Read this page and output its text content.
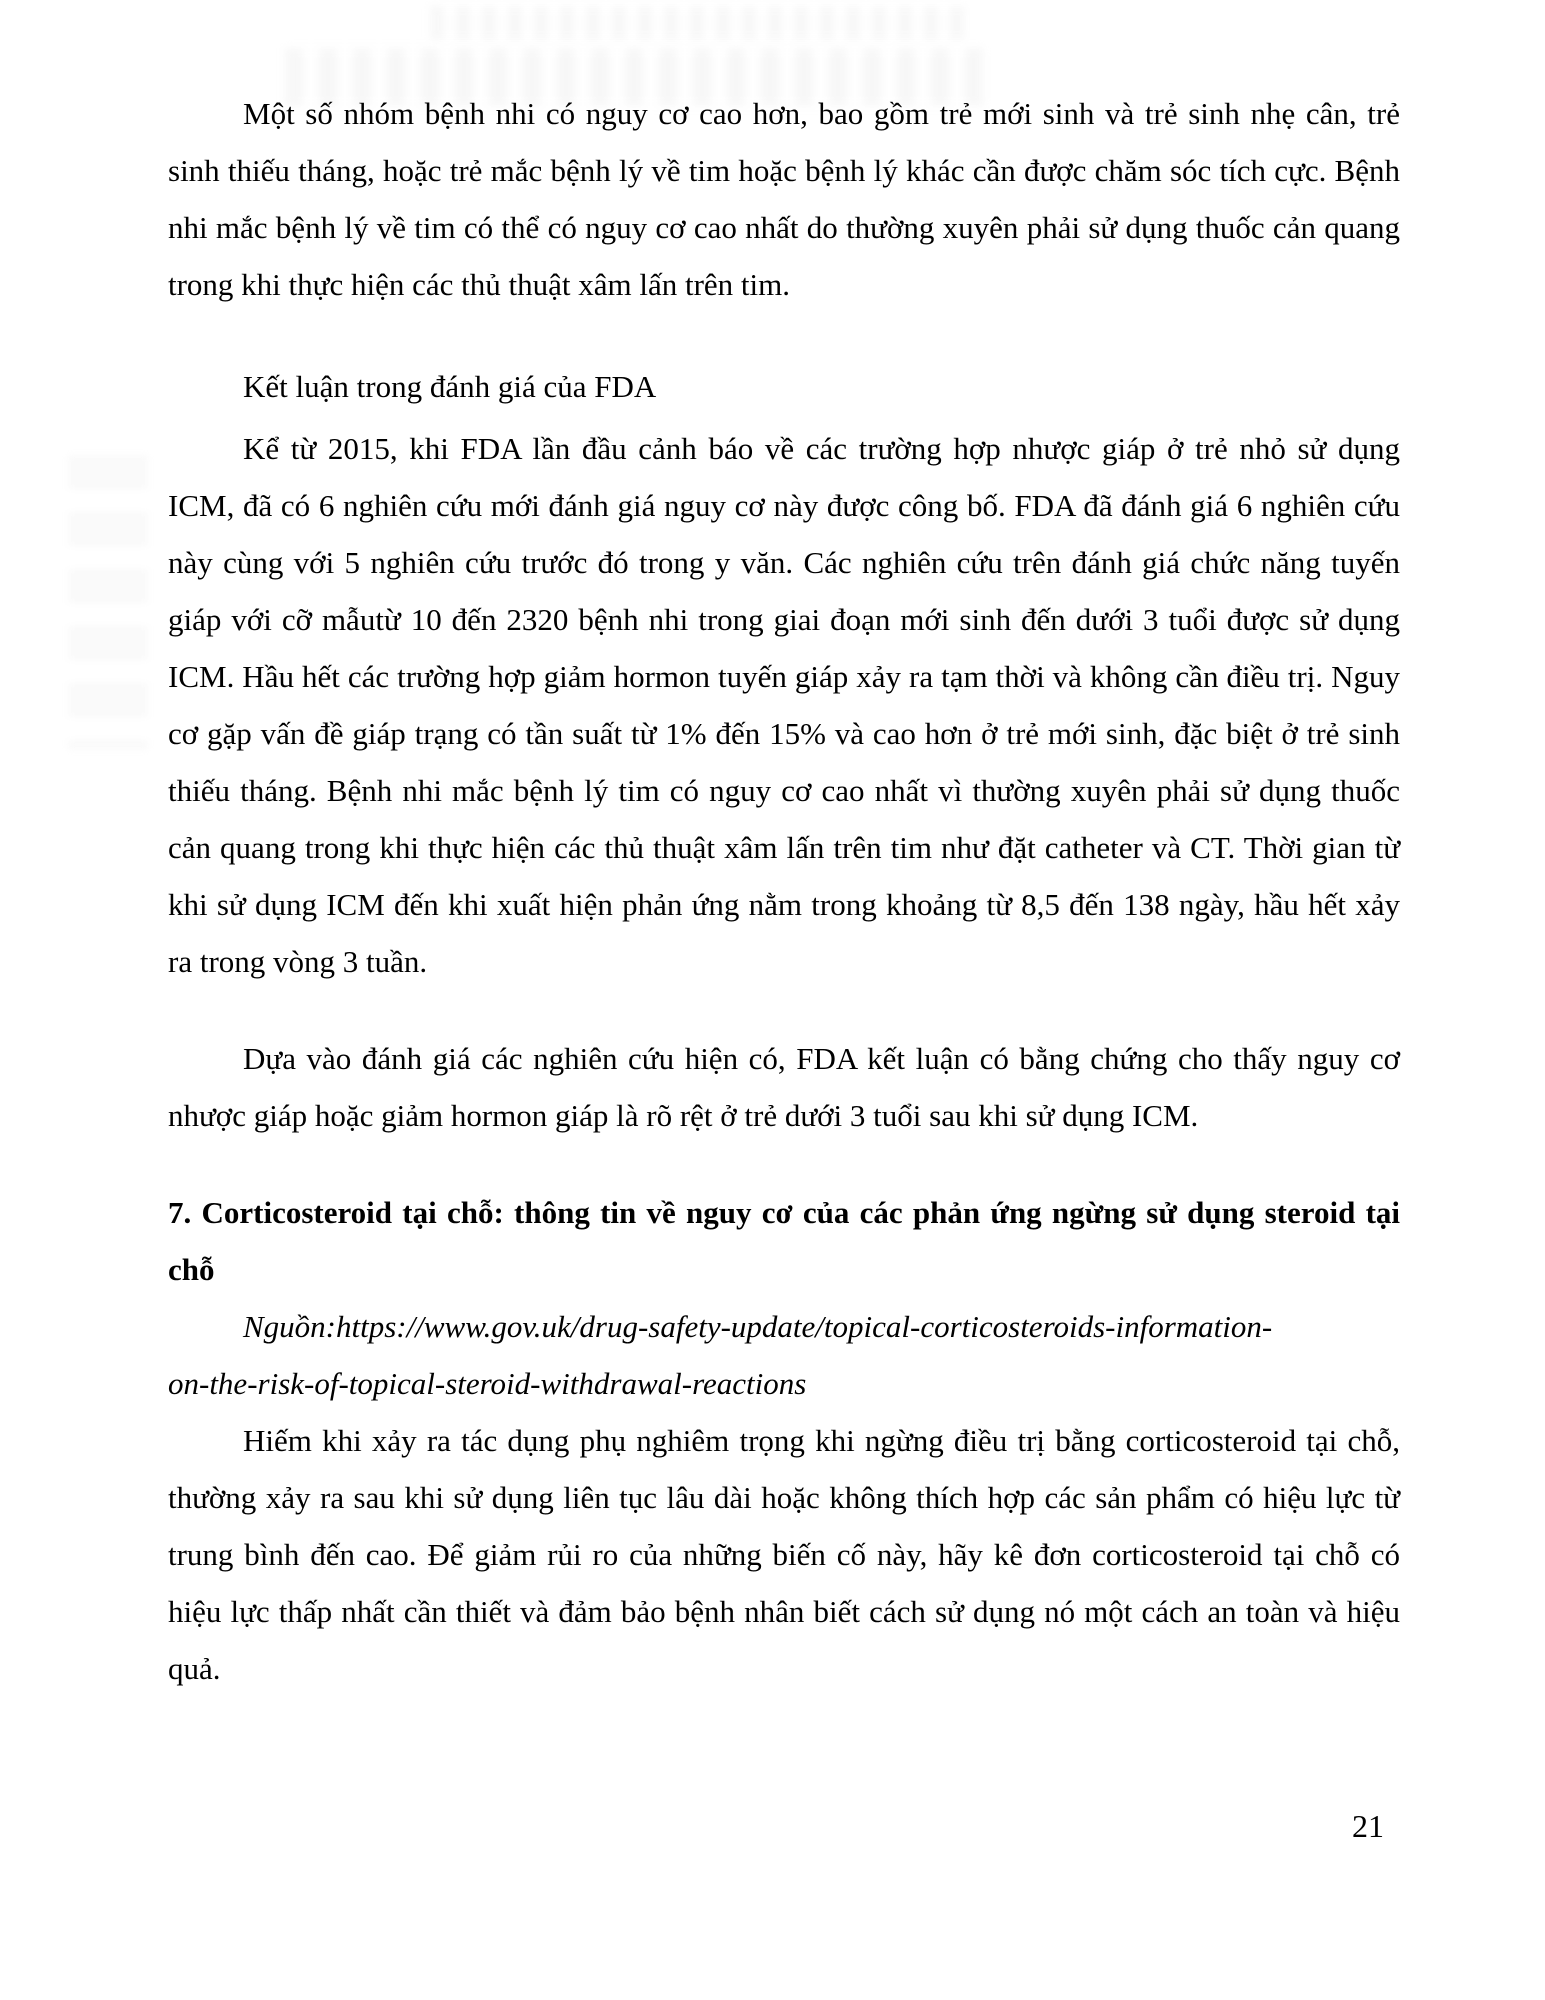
Một số nhóm bệnh nhi có nguy cơ cao hơn, bao gồm trẻ mới sinh và trẻ sinh nhẹ cân, trẻ sinh thiếu tháng, hoặc trẻ mắc bệnh lý về tim hoặc bệnh lý khác cần được chăm sóc tích cực. Bệnh nhi mắc bệnh lý về tim có thể có nguy cơ cao nhất do thường xuyên phải sử dụng thuốc cản quang trong khi thực hiện các thủ thuật xâm lấn trên tim.

Kết luận trong đánh giá của FDA

Kể từ 2015, khi FDA lần đầu cảnh báo về các trường hợp nhược giáp ở trẻ nhỏ sử dụng ICM, đã có 6 nghiên cứu mới đánh giá nguy cơ này được công bố. FDA đã đánh giá 6 nghiên cứu này cùng với 5 nghiên cứu trước đó trong y văn. Các nghiên cứu trên đánh giá chức năng tuyến giáp với cỡ mẫutừ 10 đến 2320 bệnh nhi trong giai đoạn mới sinh đến dưới 3 tuổi được sử dụng ICM. Hầu hết các trường hợp giảm hormon tuyến giáp xảy ra tạm thời và không cần điều trị. Nguy cơ gặp vấn đề giáp trạng có tần suất từ 1% đến 15% và cao hơn ở trẻ mới sinh, đặc biệt ở trẻ sinh thiếu tháng. Bệnh nhi mắc bệnh lý tim có nguy cơ cao nhất vì thường xuyên phải sử dụng thuốc cản quang trong khi thực hiện các thủ thuật xâm lấn trên tim như đặt catheter và CT. Thời gian từ khi sử dụng ICM đến khi xuất hiện phản ứng nằm trong khoảng từ 8,5 đến 138 ngày, hầu hết xảy ra trong vòng 3 tuần.

Dựa vào đánh giá các nghiên cứu hiện có, FDA kết luận có bằng chứng cho thấy nguy cơ nhược giáp hoặc giảm hormon giáp là rõ rệt ở trẻ dưới 3 tuổi sau khi sử dụng ICM.

7. Corticosteroid tại chỗ: thông tin về nguy cơ của các phản ứng ngừng sử dụng steroid tại chỗ

Nguồn:https://www.gov.uk/drug-safety-update/topical-corticosteroids-information-
on-the-risk-of-topical-steroid-withdrawal-reactions

Hiếm khi xảy ra tác dụng phụ nghiêm trọng khi ngừng điều trị bằng corticosteroid tại chỗ, thường xảy ra sau khi sử dụng liên tục lâu dài hoặc không thích hợp các sản phẩm có hiệu lực từ trung bình đến cao. Để giảm rủi ro của những biến cố này, hãy kê đơn corticosteroid tại chỗ có hiệu lực thấp nhất cần thiết và đảm bảo bệnh nhân biết cách sử dụng nó một cách an toàn và hiệu quả.

21
